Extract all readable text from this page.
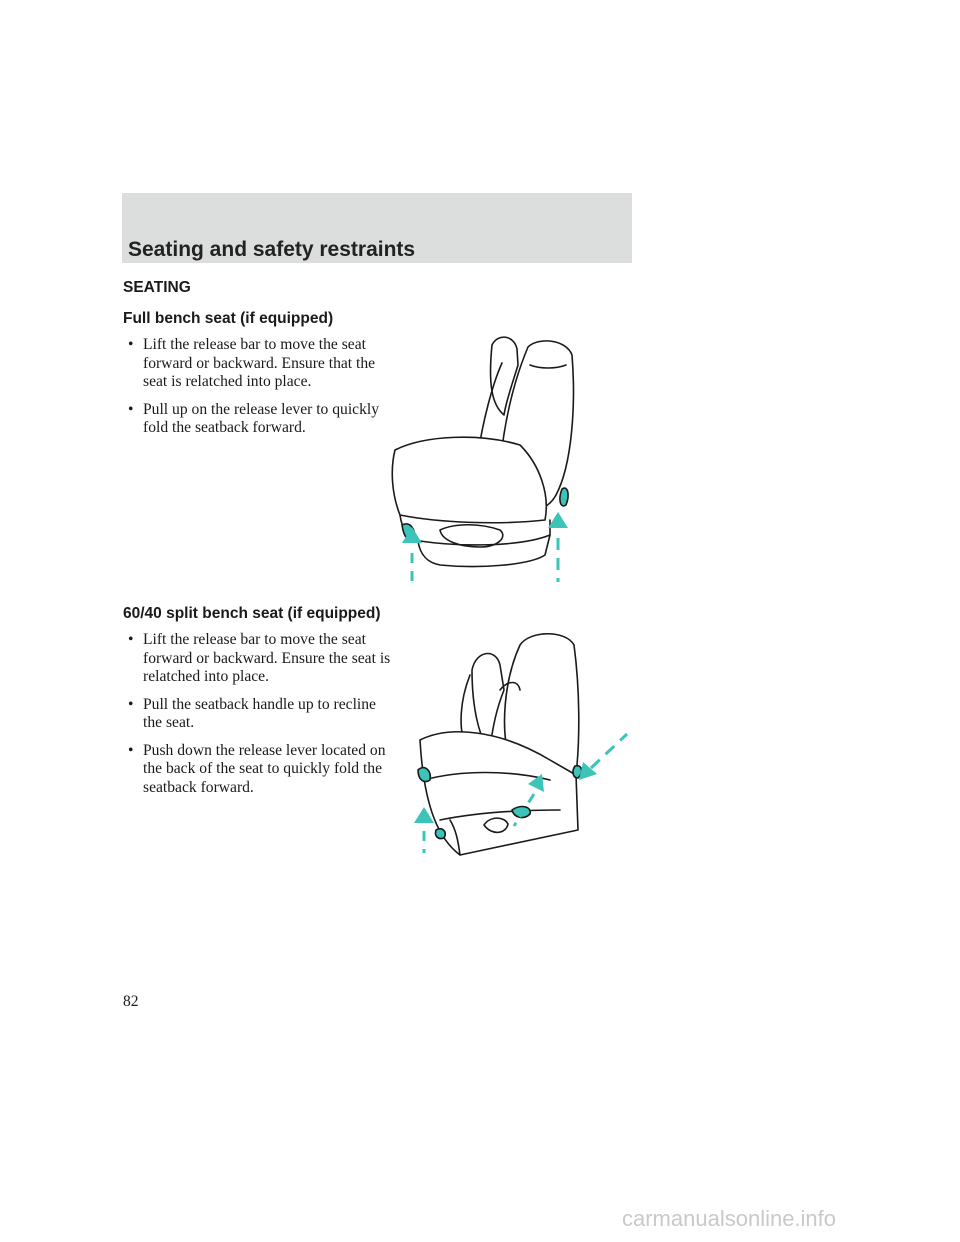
Seating and safety restraints
SEATING
Full bench seat (if equipped)
• Lift the release bar to move the seat forward or backward. Ensure that the seat is relatched into place.
• Pull up on the release lever to quickly fold the seatback forward.
60/40 split bench seat (if equipped)
• Lift the release bar to move the seat forward or backward. Ensure the seat is relatched into place.
• Pull the seatback handle up to recline the seat.
• Push down the release lever located on the back of the seat to quickly fold the seatback forward.
82
carmanualsonline.info
